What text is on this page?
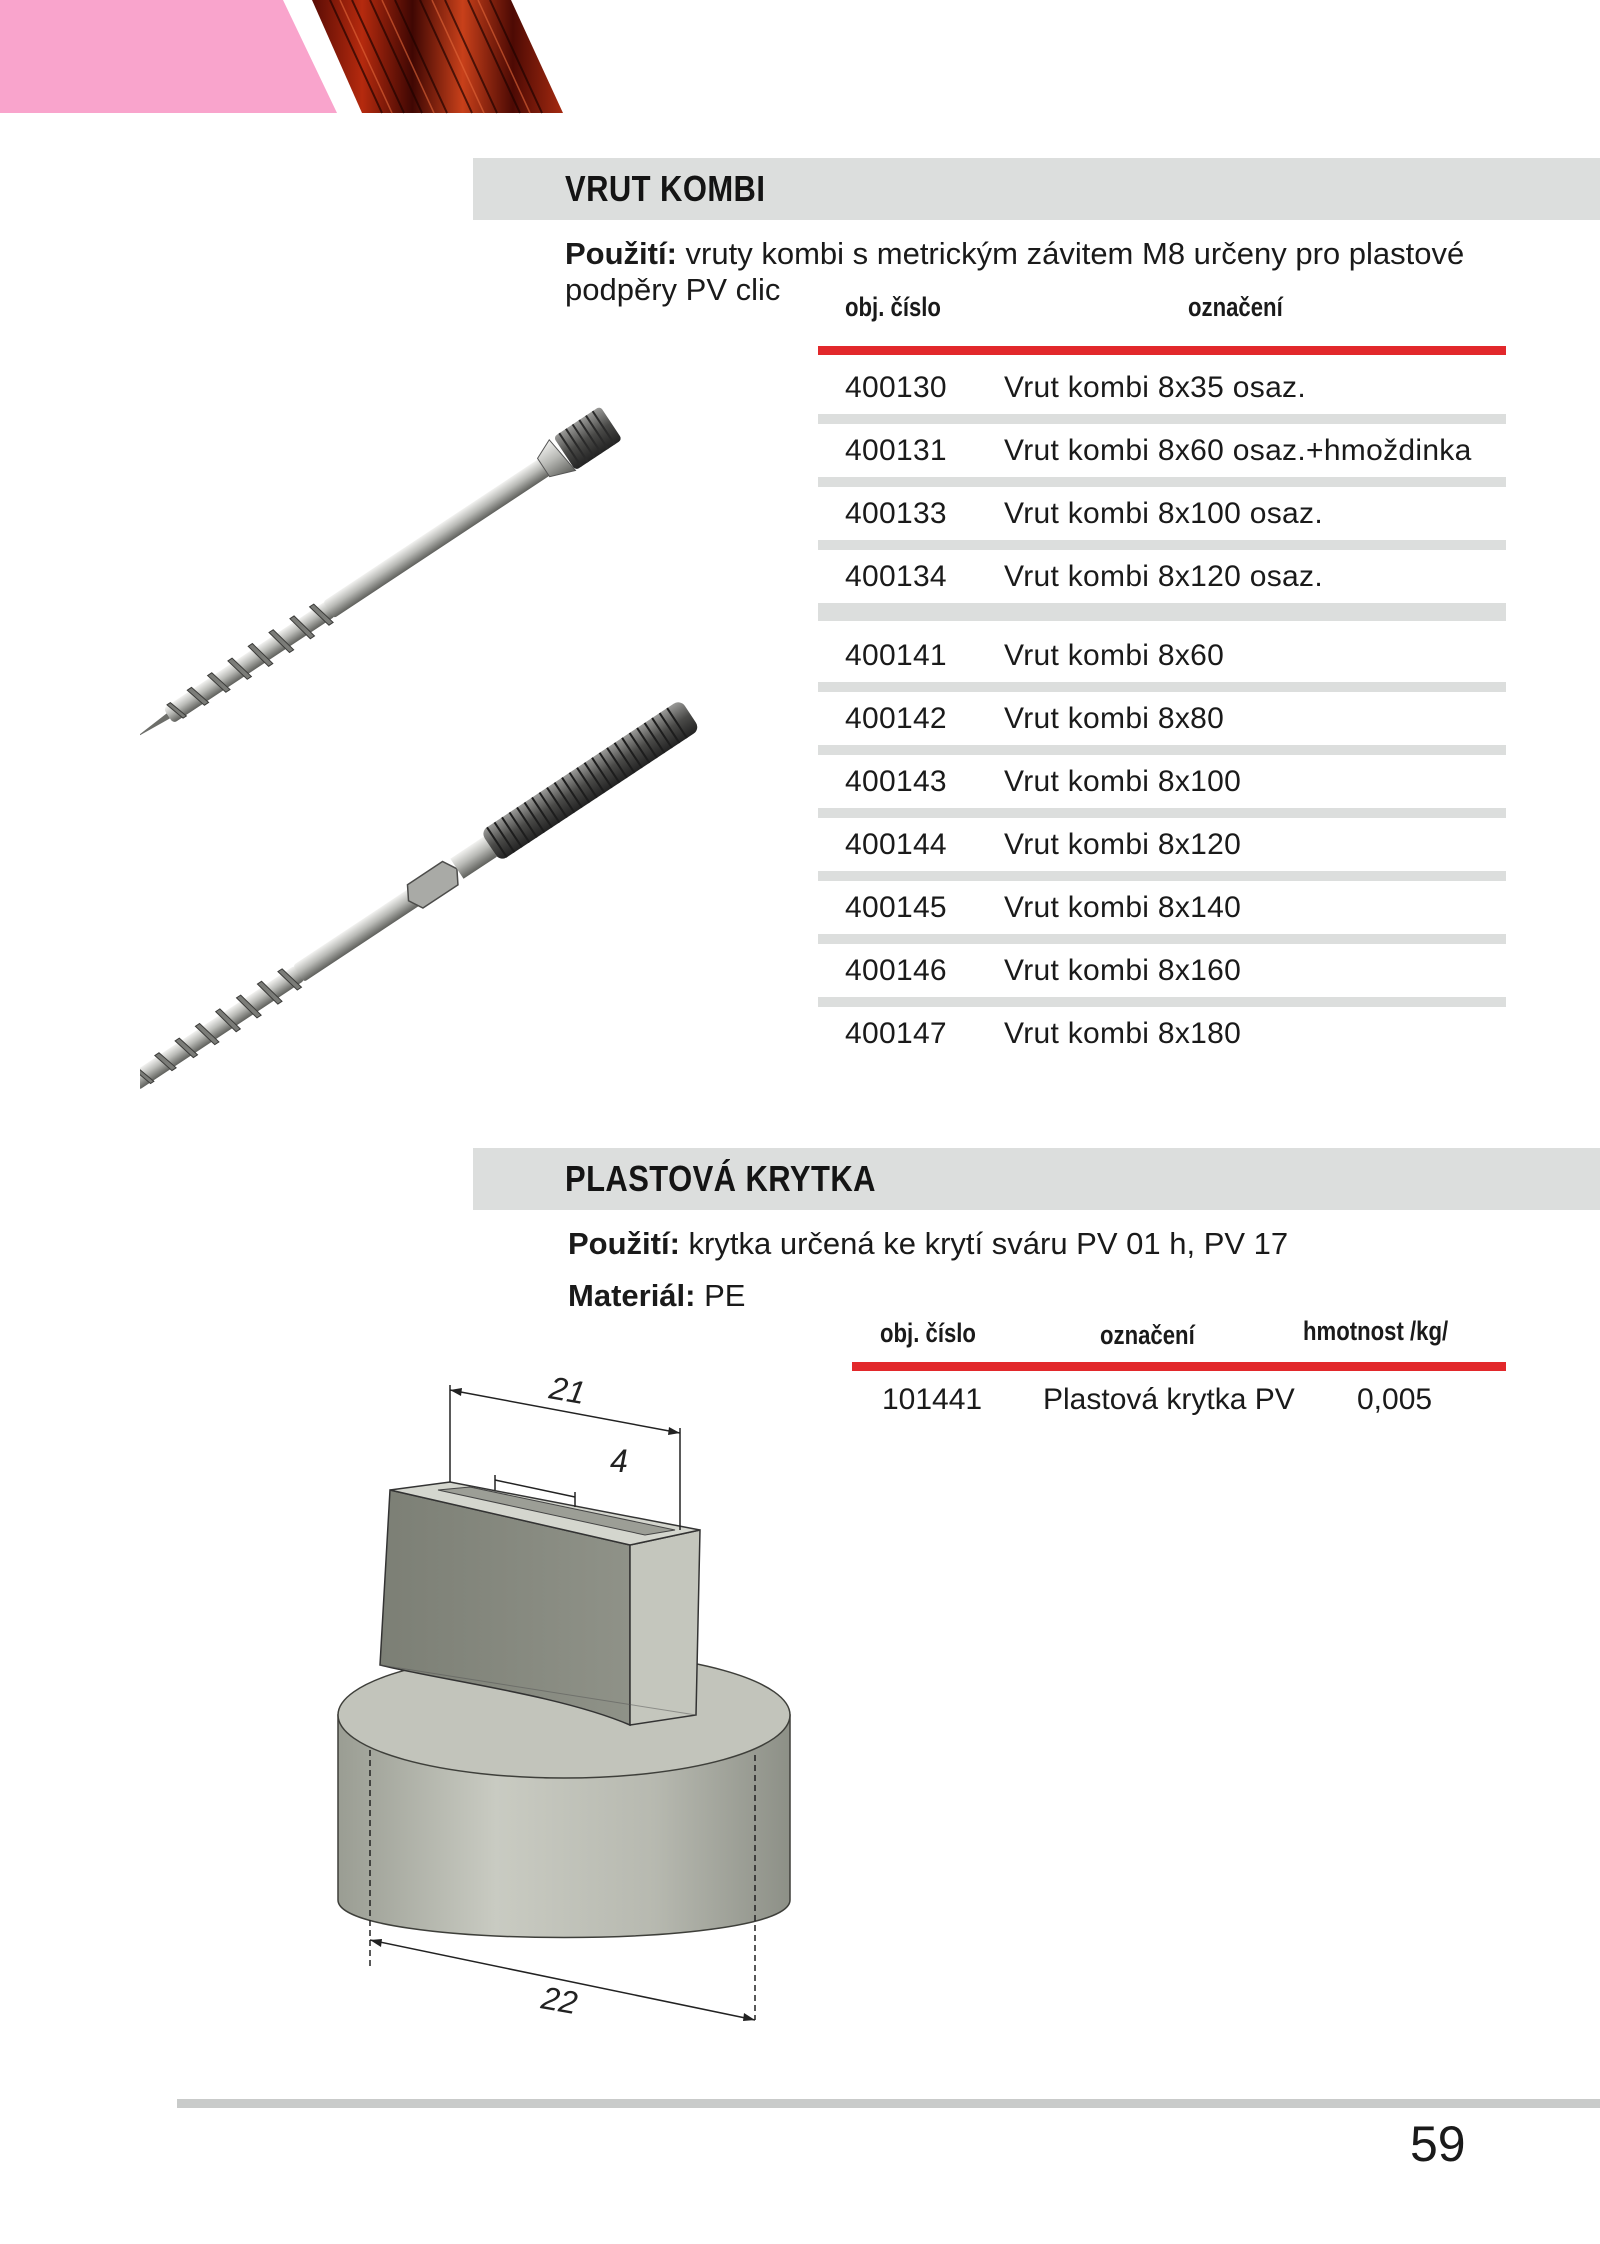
VRUT KOMBI
Použití: vruty kombi s metrickým závitem M8 určeny pro plastové
podpěry PV clic obj. číslo	označení
400130 Vrut kombi 8x35 osaz.
400131 Vrut kombi 8x60 osaz.+hmoždinka
400133 Vrut kombi 8x100 osaz.
400134 Vrut kombi 8x120 osaz.
400141 Vrut kombi 8x60
400142 Vrut kombi 8x80
400143 Vrut kombi 8x100
400144 Vrut kombi 8x120
400145 Vrut kombi 8x140
400146 Vrut kombi 8x160
400147 Vrut kombi 8x180
PLASTOVÁ KRYTKA
Použití: krytka určená ke krytí sváru PV 01 h, PV 17
Materiál: PE
obj. číslo	označení	hmotnost /kg/
101441 Plastová krytka PV 0,005
21
4
22
59
